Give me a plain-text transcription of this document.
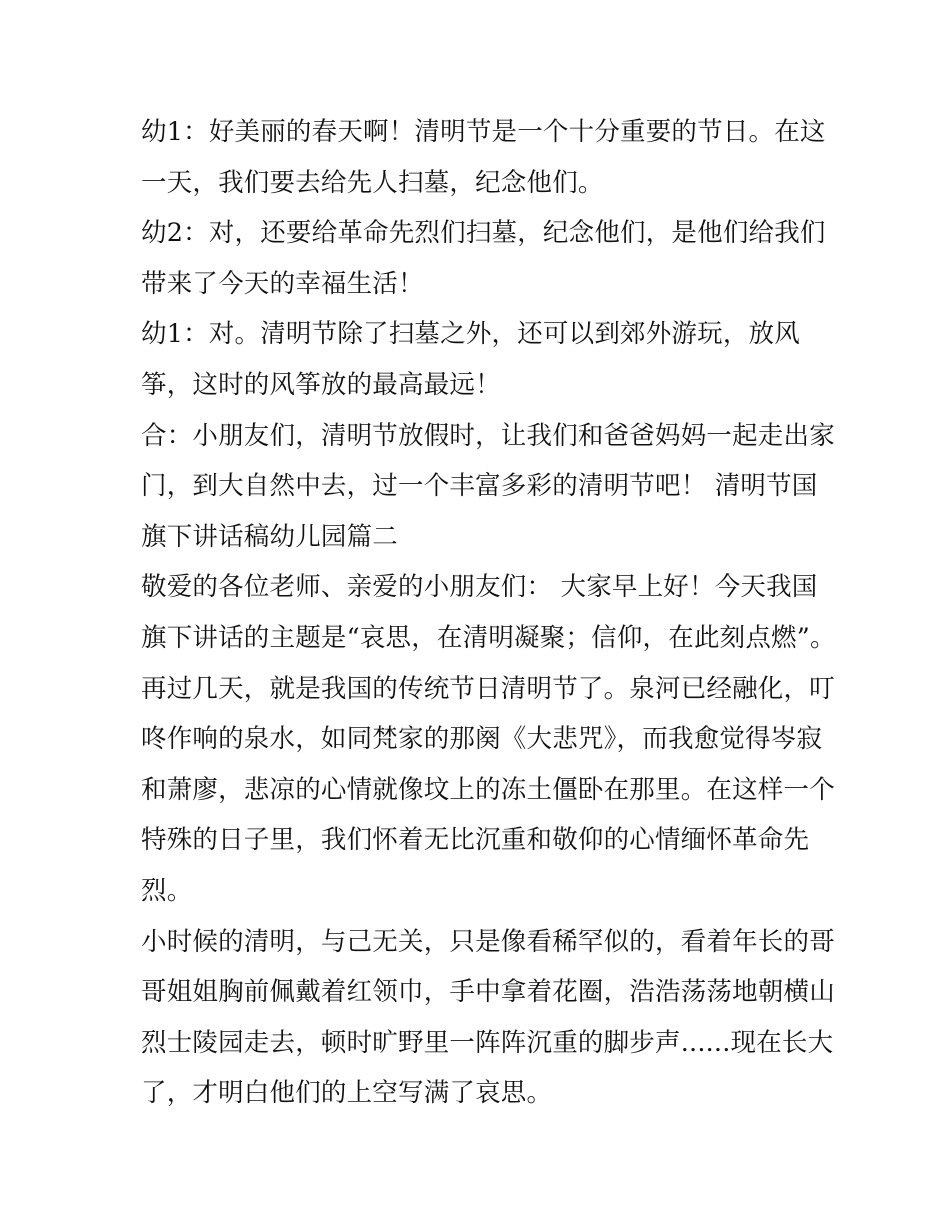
幼1：好美丽的春天啊！清明节是一个十分重要的节日。在这
一天，我们要去给先人扫墓，纪念他们。
幼2：对，还要给革命先烈们扫墓，纪念他们，是他们给我们
带来了今天的幸福生活！
幼1：对。清明节除了扫墓之外，还可以到郊外游玩，放风
筝，这时的风筝放的最高最远！
合：小朋友们，清明节放假时，让我们和爸爸妈妈一起走出家
门，到大自然中去，过一个丰富多彩的清明节吧！ 清明节国
旗下讲话稿幼儿园篇二
敬爱的各位老师、亲爱的小朋友们： 大家早上好！今天我国
旗下讲话的主题是“哀思，在清明凝聚；信仰，在此刻点燃”。
再过几天，就是我国的传统节日清明节了。泉河已经融化，叮
咚作响的泉水，如同梵家的那阕《大悲咒》，而我愈觉得岑寂
和萧廖，悲凉的心情就像坟上的冻土僵卧在那里。在这样一个
特殊的日子里，我们怀着无比沉重和敬仰的心情缅怀革命先
烈。
小时候的清明，与己无关，只是像看稀罕似的，看着年长的哥
哥姐姐胸前佩戴着红领巾，手中拿着花圈，浩浩荡荡地朝横山
烈士陵园走去，顿时旷野里一阵阵沉重的脚步声......现在长大
了，才明白他们的上空写满了哀思。
